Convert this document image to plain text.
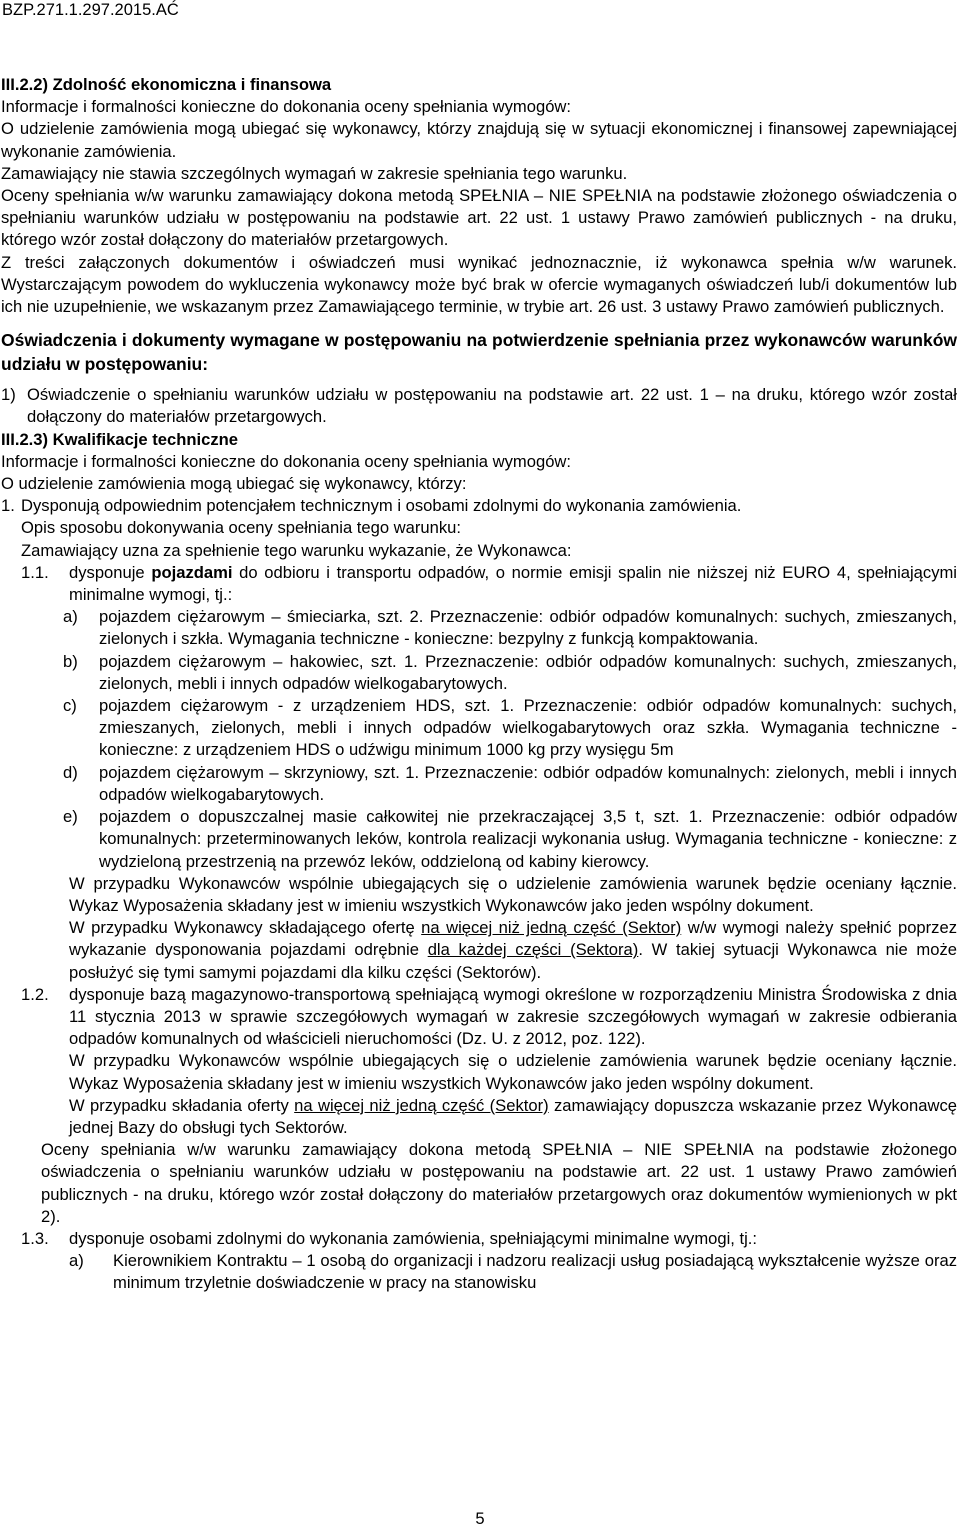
BZP.271.1.297.2015.AĆ

III.2.2) Zdolność ekonomiczna i finansowa

Informacje i formalności konieczne do dokonania oceny spełniania wymogów:

O udzielenie zamówienia mogą ubiegać się wykonawcy, którzy znajdują się w sytuacji ekonomicznej i finansowej zapewniającej wykonanie zamówienia.

Zamawiający nie stawia szczególnych wymagań w zakresie spełniania tego warunku.

Oceny spełniania w/w warunku zamawiający dokona metodą SPEŁNIA – NIE SPEŁNIA na podstawie złożonego oświadczenia o spełnianiu warunków udziału w postępowaniu na podstawie art. 22 ust. 1 ustawy Prawo zamówień publicznych - na druku, którego wzór został dołączony do materiałów przetargowych.

Z treści załączonych dokumentów i oświadczeń musi wynikać jednoznacznie, iż wykonawca spełnia w/w warunek. Wystarczającym powodem do wykluczenia wykonawcy może być brak w ofercie wymaganych oświadczeń lub/i dokumentów lub ich nie uzupełnienie, we wskazanym przez Zamawiającego terminie, w trybie art. 26 ust. 3 ustawy Prawo zamówień publicznych.

Oświadczenia i dokumenty wymagane w postępowaniu na potwierdzenie spełniania przez wykonawców warunków udziału w postępowaniu:

1) Oświadczenie o spełnianiu warunków udziału w postępowaniu na podstawie art. 22 ust. 1 – na druku, którego wzór został dołączony do materiałów przetargowych.

III.2.3) Kwalifikacje techniczne

Informacje i formalności konieczne do dokonania oceny spełniania wymogów:

O udzielenie zamówienia mogą ubiegać się wykonawcy, którzy:

1. Dysponują odpowiednim potencjałem technicznym i osobami zdolnymi do wykonania zamówienia.

Opis sposobu dokonywania oceny spełniania tego warunku:

Zamawiający uzna za spełnienie tego warunku wykazanie, że Wykonawca:

1.1.	dysponuje pojazdami do odbioru i transportu odpadów, o normie emisji spalin nie niższej niż EURO 4, spełniającymi minimalne wymogi, tj.:
a)	pojazdem ciężarowym – śmieciarka, szt. 2. Przeznaczenie: odbiór odpadów komunalnych: suchych, zmieszanych, zielonych i szkła. Wymagania techniczne - konieczne: bezpylny z funkcją kompaktowania.
b)	pojazdem ciężarowym – hakowiec, szt. 1. Przeznaczenie: odbiór odpadów komunalnych: suchych, zmieszanych, zielonych, mebli i innych odpadów wielkogabarytowych.
c)	pojazdem ciężarowym - z urządzeniem HDS, szt. 1. Przeznaczenie: odbiór odpadów komunalnych: suchych, zmieszanych, zielonych, mebli i innych odpadów wielkogabarytowych oraz szkła. Wymagania techniczne - konieczne: z urządzeniem HDS o udźwigu minimum 1000 kg przy wysięgu 5m
d)	pojazdem ciężarowym – skrzyniowy, szt. 1. Przeznaczenie: odbiór odpadów komunalnych: zielonych, mebli i innych odpadów wielkogabarytowych.
e)	pojazdem o dopuszczalnej masie całkowitej nie przekraczającej 3,5 t, szt. 1. Przeznaczenie: odbiór odpadów komunalnych: przeterminowanych leków, kontrola realizacji wykonania usług. Wymagania techniczne - konieczne: z wydzieloną przestrzenią na przewóz leków, oddzieloną od kabiny kierowcy.

W przypadku Wykonawców wspólnie ubiegających się o udzielenie zamówienia warunek będzie oceniany łącznie. Wykaz Wyposażenia składany jest w imieniu wszystkich Wykonawców jako jeden wspólny dokument.

W przypadku Wykonawcy składającego ofertę na więcej niż jedną część (Sektor) w/w wymogi należy spełnić poprzez wykazanie dysponowania pojazdami odrębnie dla każdej części (Sektora). W takiej sytuacji Wykonawca nie może posłużyć się tymi samymi pojazdami dla kilku części (Sektorów).

1.2.	dysponuje bazą magazynowo-transportową spełniającą wymogi określone w rozporządzeniu Ministra Środowiska z dnia 11 stycznia 2013 w sprawie szczegółowych wymagań w zakresie szczegółowych wymagań w zakresie odbierania odpadów komunalnych od właścicieli nieruchomości (Dz. U. z 2012, poz. 122).

W przypadku Wykonawców wspólnie ubiegających się o udzielenie zamówienia warunek będzie oceniany łącznie. Wykaz Wyposażenia składany jest w imieniu wszystkich Wykonawców jako jeden wspólny dokument.

W przypadku składania oferty na więcej niż jedną część (Sektor) zamawiający dopuszcza wskazanie przez Wykonawcę jednej Bazy do obsługi tych Sektorów.

Oceny spełniania w/w warunku zamawiający dokona metodą SPEŁNIA – NIE SPEŁNIA na podstawie złożonego oświadczenia o spełnianiu warunków udziału w postępowaniu na podstawie art. 22 ust. 1 ustawy Prawo zamówień publicznych - na druku, którego wzór został dołączony do materiałów przetargowych oraz dokumentów wymienionych w pkt 2).

1.3.	dysponuje osobami zdolnymi do wykonania zamówienia, spełniającymi minimalne wymogi, tj.:
a)	Kierownikiem Kontraktu – 1 osobą do organizacji i nadzoru realizacji usług posiadającą wykształcenie wyższe oraz minimum trzyletnie doświadczenie w pracy na stanowisku
5
